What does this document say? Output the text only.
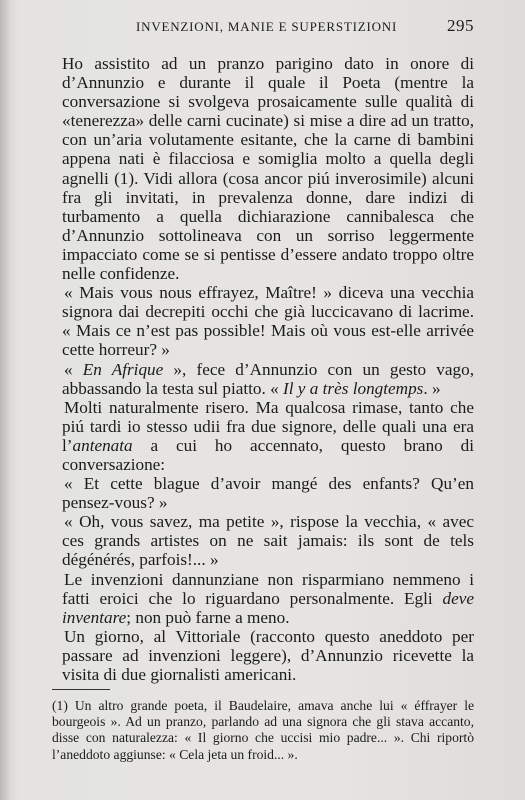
INVENZIONI, MANIE E SUPERSTIZIONI	295

Ho assistito ad un pranzo parigino dato in onore di d’Annunzio e durante il quale il Poeta (mentre la conversazione si svolgeva prosaicamente sulle qualità di «tenerezza» delle carni cucinate) si mise a dire ad un tratto, con un’aria volutamente esitante, che la carne di bambini appena nati è filacciosa e somiglia molto a quella degli agnelli (1). Vidi allora (cosa ancor piú inverosimile) alcuni fra gli invitati, in prevalenza donne, dare indizi di turbamento a quella dichiarazione cannibalesca che d’Annunzio sottolineava con un sorriso leggermente impacciato come se si pentisse d’essere andato troppo oltre nelle confidenze.

« Mais vous nous effrayez, Maître! » diceva una vecchia signora dai decrepiti occhi che già luccicavano di lacrime. « Mais ce n’est pas possible! Mais où vous est-elle arrivée cette horreur? »

« En Afrique », fece d’Annunzio con un gesto vago, abbassando la testa sul piatto. « Il y a très longtemps. »

Molti naturalmente risero. Ma qualcosa rimase, tanto che piú tardi io stesso udii fra due signore, delle quali una era l’antenata a cui ho accennato, questo brano di conversazione:

« Et cette blague d’avoir mangé des enfants? Qu’en pensez-vous? »

« Oh, vous savez, ma petite », rispose la vecchia, « avec ces grands artistes on ne sait jamais: ils sont de tels dégénérés, parfois!... »

Le invenzioni dannunziane non risparmiano nemmeno i fatti eroici che lo riguardano personalmente. Egli deve inventare; non può farne a meno.

Un giorno, al Vittoriale (racconto questo aneddoto per passare ad invenzioni leggere), d’Annunzio ricevette la visita di due giornalisti americani.

(1) Un altro grande poeta, il Baudelaire, amava anche lui « éffrayer le bourgeois ». Ad un pranzo, parlando ad una signora che gli stava accanto, disse con naturalezza: « Il giorno che uccisi mio padre... ». Chi riportò l’aneddoto aggiunse: « Cela jeta un froid... ».
